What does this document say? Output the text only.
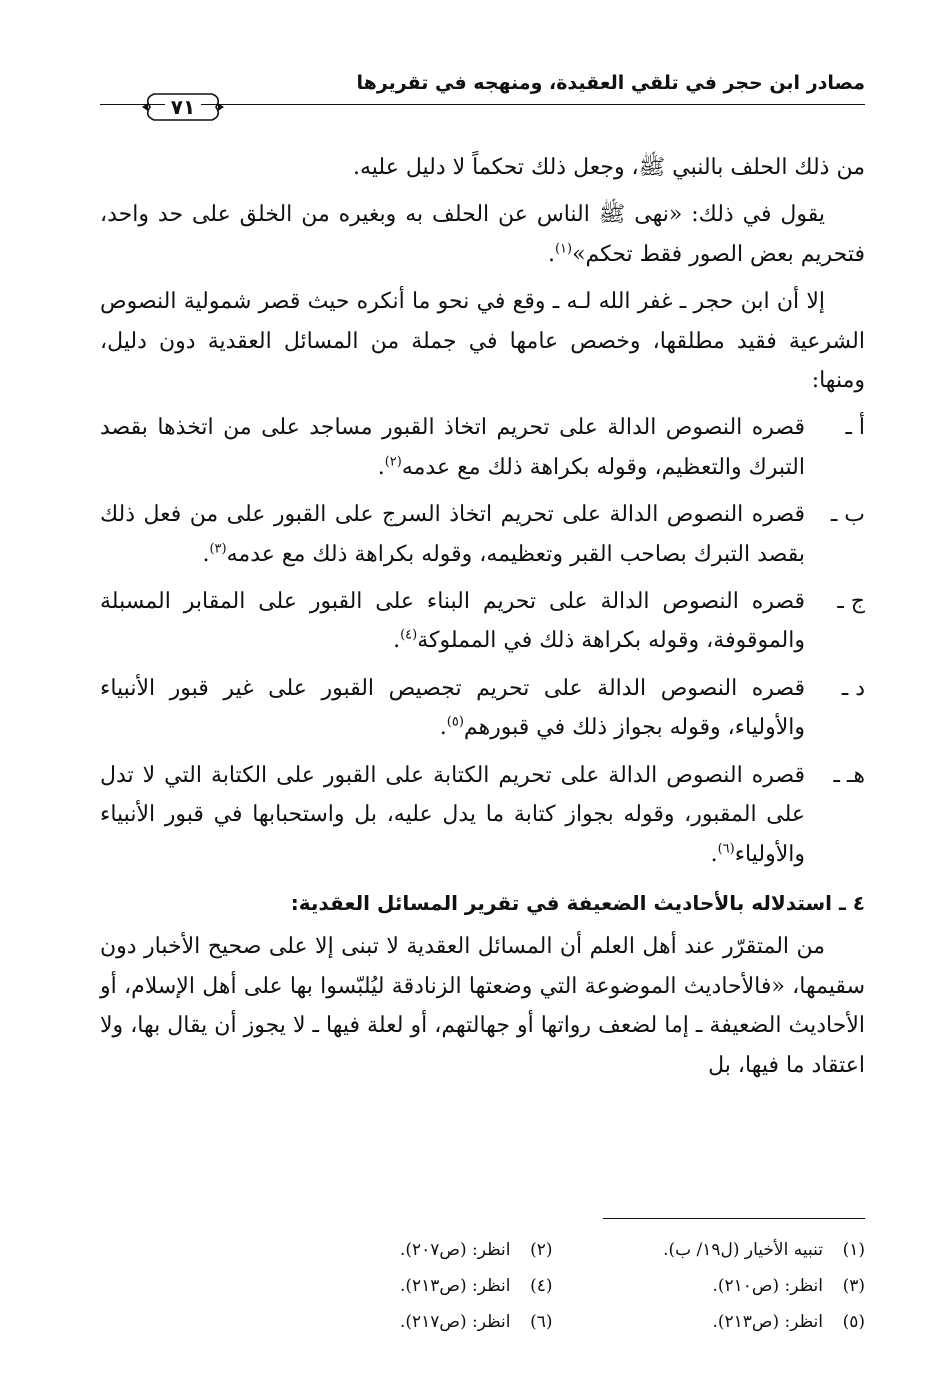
مصادر ابن حجر في تلقي العقيدة، ومنهجه في تقريرها
٧١

من ذلك الحلف بالنبي ﷺ، وجعل ذلك تحكماً لا دليل عليه.

يقول في ذلك: «نهى ﷺ الناس عن الحلف به وبغيره من الخلق على حد واحد، فتحريم بعض الصور فقط تحكم»$^{(١)}$.

إلا أن ابن حجر ـ غفر الله لـه ـ وقع في نحو ما أنكره حيث قصر شمولية النصوص الشرعية فقيد مطلقها، وخصص عامها في جملة من المسائل العقدية دون دليل، ومنها:

أ ـ
قصره النصوص الدالة على تحريم اتخاذ القبور مساجد على من اتخذها بقصد التبرك والتعظيم، وقوله بكراهة ذلك مع عدمه$^{(٢)}$.
ب ـ
قصره النصوص الدالة على تحريم اتخاذ السرج على القبور على من فعل ذلك بقصد التبرك بصاحب القبر وتعظيمه، وقوله بكراهة ذلك مع عدمه$^{(٣)}$.
ج ـ
قصره النصوص الدالة على تحريم البناء على القبور على المقابر المسبلة والموقوفة، وقوله بكراهة ذلك في المملوكة$^{(٤)}$.
د ـ
قصره النصوص الدالة على تحريم تجصيص القبور على غير قبور الأنبياء والأولياء، وقوله بجواز ذلك في قبورهم$^{(٥)}$.
هـ ـ
قصره النصوص الدالة على تحريم الكتابة على القبور على الكتابة التي لا تدل على المقبور، وقوله بجواز كتابة ما يدل عليه، بل واستحبابها في قبور الأنبياء والأولياء$^{(٦)}$.
٤ ـ استدلاله بالأحاديث الضعيفة في تقرير المسائل العقدية:

من المتقرّر عند أهل العلم أن المسائل العقدية لا تبنى إلا على صحيح الأخبار دون سقيمها، «فالأحاديث الموضوعة التي وضعتها الزنادقة ليُلبّسوا بها على أهل الإسلام، أو الأحاديث الضعيفة ـ إما لضعف رواتها أو جهالتهم، أو لعلة فيها ـ لا يجوز أن يقال بها، ولا اعتقاد ما فيها، بل

(١)تنبيه الأخيار (ل١٩/ ب).
(٢)انظر: (ص٢٠٧).
(٣)انظر: (ص٢١٠).
(٤)انظر: (ص٢١٣).
(٥)انظر: (ص٢١٣).
(٦)انظر: (ص٢١٧).
